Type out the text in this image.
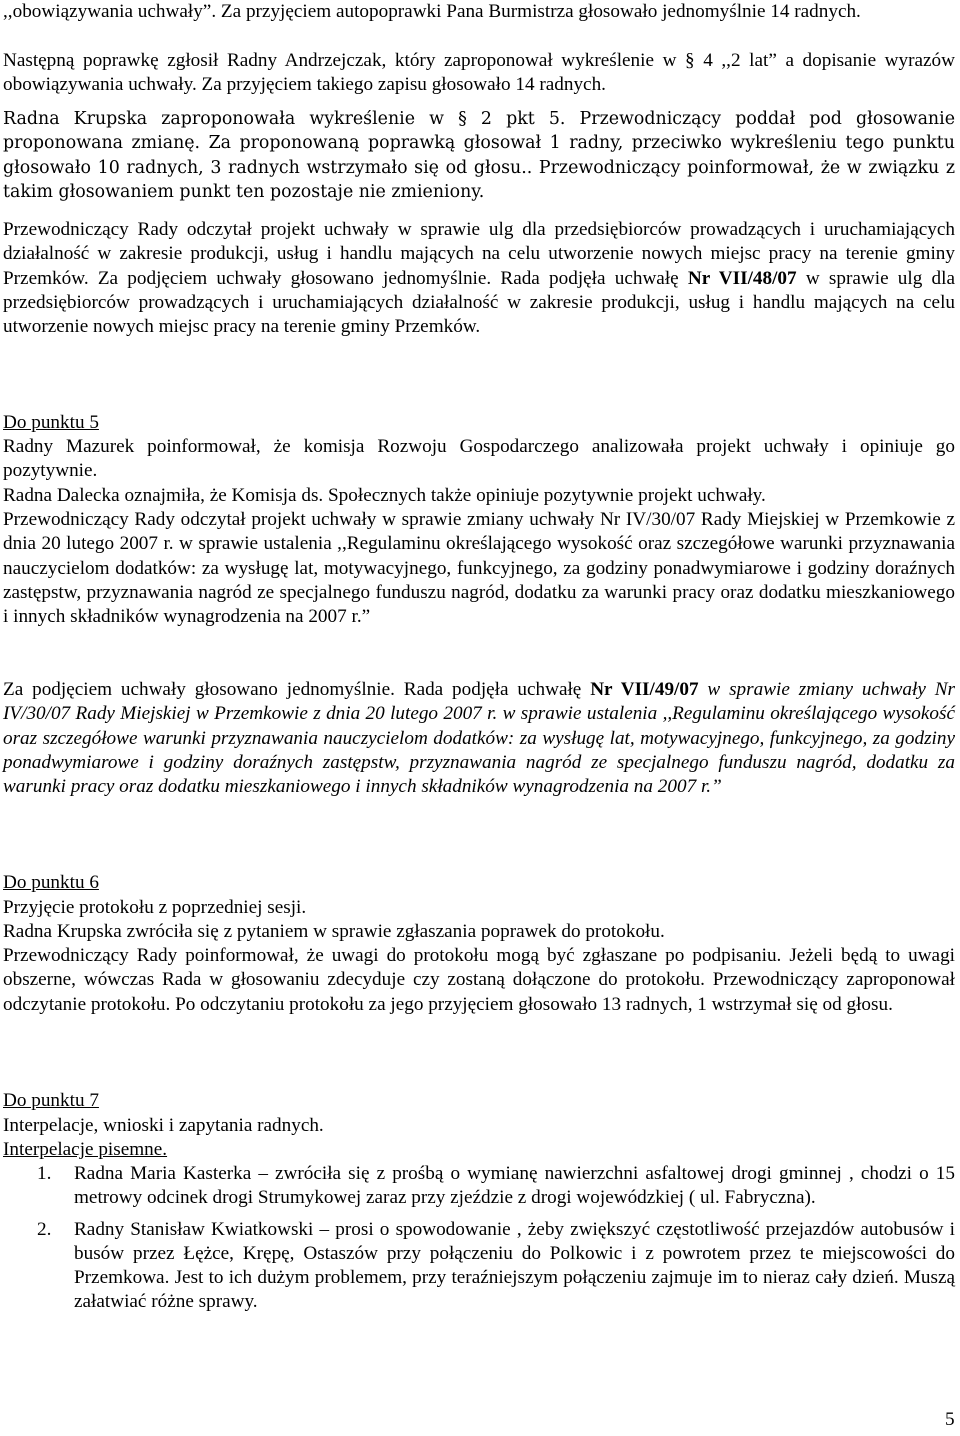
,,obowiązywania uchwały”. Za przyjęciem autopoprawki Pana Burmistrza głosowało jednomyślnie 14 radnych.
Następną poprawkę zgłosił Radny Andrzejczak, który zaproponował wykreślenie w § 4 ,,2 lat” a dopisanie wyrazów obowiązywania uchwały. Za przyjęciem takiego zapisu głosowało 14 radnych.
Radna Krupska zaproponowała wykreślenie w § 2 pkt 5. Przewodniczący poddał pod głosowanie proponowana zmianę. Za proponowaną poprawką głosował 1 radny, przeciwko wykreśleniu tego punktu głosowało 10 radnych, 3 radnych wstrzymało się od głosu.. Przewodniczący poinformował, że w związku z takim głosowaniem punkt ten pozostaje nie zmieniony.
Przewodniczący Rady odczytał projekt uchwały w sprawie ulg dla przedsiębiorców prowadzących i uruchamiających działalność w zakresie produkcji, usług i handlu mających na celu utworzenie nowych miejsc pracy na terenie gminy Przemków. Za podjęciem uchwały głosowano jednomyślnie. Rada podjęła uchwałę Nr VII/48/07 w sprawie ulg dla przedsiębiorców prowadzących i uruchamiających działalność w zakresie produkcji, usług i handlu mających na celu utworzenie nowych miejsc pracy na terenie gminy Przemków.
Do punktu 5
Radny Mazurek poinformował, że komisja Rozwoju Gospodarczego analizowała projekt uchwały i opiniuje go pozytywnie.
Radna Dalecka oznajmiła, że Komisja ds. Społecznych także opiniuje pozytywnie projekt uchwały.
Przewodniczący Rady odczytał projekt uchwały w sprawie zmiany uchwały Nr IV/30/07 Rady Miejskiej w Przemkowie z dnia 20 lutego 2007 r. w sprawie ustalenia ,,Regulaminu określającego wysokość oraz szczegółowe warunki przyznawania nauczycielom dodatków: za wysługę lat, motywacyjnego, funkcyjnego, za godziny ponadwymiarowe i godziny doraźnych zastępstw, przyznawania nagród ze specjalnego funduszu nagród, dodatku za warunki pracy oraz dodatku mieszkaniowego i innych składników wynagrodzenia na 2007 r.”
Za podjęciem uchwały głosowano jednomyślnie. Rada podjęła uchwałę Nr VII/49/07 w sprawie zmiany uchwały Nr IV/30/07 Rady Miejskiej w Przemkowie z dnia 20 lutego 2007 r. w sprawie ustalenia ,,Regulaminu określającego wysokość oraz szczegółowe warunki przyznawania nauczycielom dodatków: za wysługę lat, motywacyjnego, funkcyjnego, za godziny ponadwymiarowe i godziny doraźnych zastępstw, przyznawania nagród ze specjalnego funduszu nagród, dodatku za warunki pracy oraz dodatku mieszkaniowego i innych składników wynagrodzenia na 2007 r.”
Do punktu 6
Przyjęcie protokołu z poprzedniej sesji.
Radna Krupska zwróciła się z pytaniem w sprawie zgłaszania poprawek do protokołu.
Przewodniczący Rady poinformował, że uwagi do protokołu mogą być zgłaszane po podpisaniu. Jeżeli będą to uwagi obszerne, wówczas Rada w głosowaniu zdecyduje czy zostaną dołączone do protokołu. Przewodniczący zaproponował odczytanie protokołu. Po odczytaniu protokołu za jego przyjęciem głosowało 13 radnych, 1 wstrzymał się od głosu.
Do punktu 7
Interpelacje, wnioski i zapytania radnych.
Interpelacje pisemne.
1. Radna Maria Kasterka – zwróciła się z prośbą o wymianę nawierzchni asfaltowej drogi gminnej , chodzi o 15 metrowy odcinek drogi Strumykowej zaraz przy zjeździe z drogi wojewódzkiej ( ul. Fabryczna).
2. Radny Stanisław Kwiatkowski – prosi o spowodowanie , żeby zwiększyć częstotliwość przejazdów autobusów i busów przez Łężce, Krępę, Ostaszów przy połączeniu do Polkowic i z powrotem przez te miejscowości do Przemkowa. Jest to ich dużym problemem, przy teraźniejszym połączeniu zajmuje im to nieraz cały dzień. Muszą załatwiać różne sprawy.
5
